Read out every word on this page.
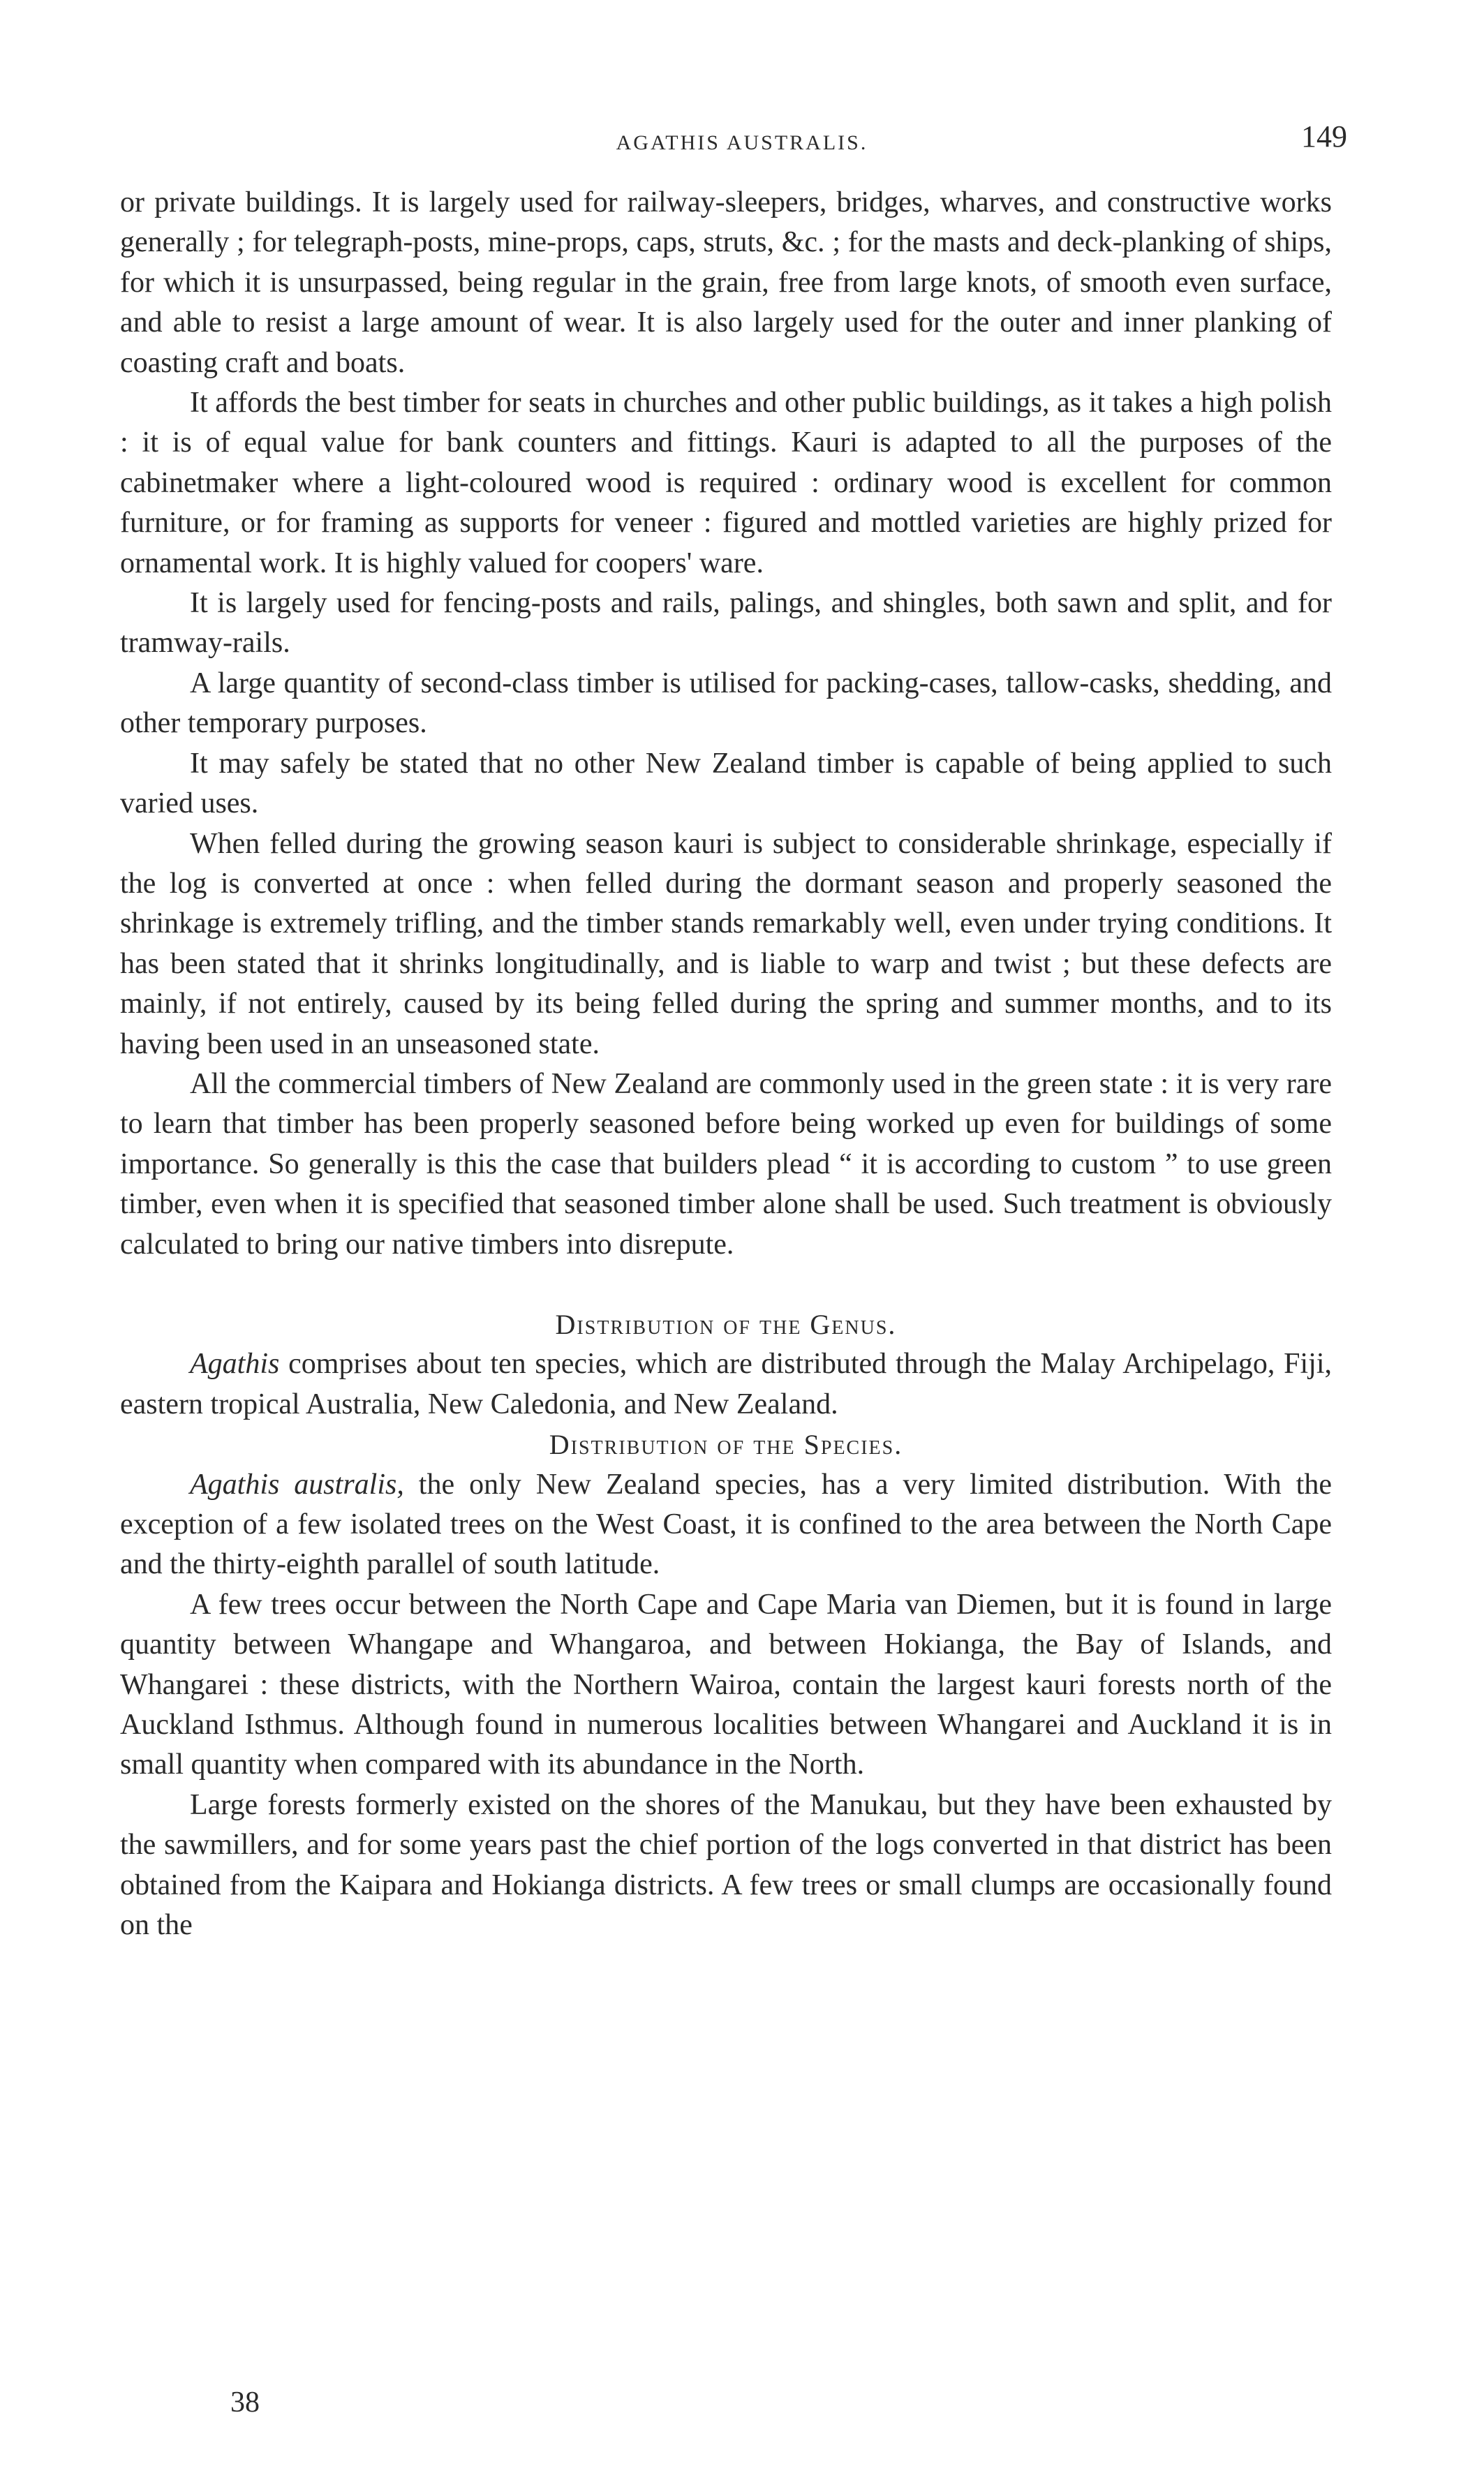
AGATHIS AUSTRALIS.	149

or private buildings. It is largely used for railway-sleepers, bridges, wharves, and constructive works generally ; for telegraph-posts, mine-props, caps, struts, &c. ; for the masts and deck-planking of ships, for which it is unsurpassed, being regular in the grain, free from large knots, of smooth even surface, and able to resist a large amount of wear. It is also largely used for the outer and inner planking of coasting craft and boats.

It affords the best timber for seats in churches and other public buildings, as it takes a high polish : it is of equal value for bank counters and fittings. Kauri is adapted to all the purposes of the cabinetmaker where a light-coloured wood is required : ordinary wood is excellent for common furniture, or for framing as supports for veneer : figured and mottled varieties are highly prized for ornamental work. It is highly valued for coopers' ware.

It is largely used for fencing-posts and rails, palings, and shingles, both sawn and split, and for tramway-rails.

A large quantity of second-class timber is utilised for packing-cases, tallow-casks, shedding, and other temporary purposes.

It may safely be stated that no other New Zealand timber is capable of being applied to such varied uses.

When felled during the growing season kauri is subject to considerable shrinkage, especially if the log is converted at once : when felled during the dormant season and properly seasoned the shrinkage is extremely trifling, and the timber stands remarkably well, even under trying conditions. It has been stated that it shrinks longitudinally, and is liable to warp and twist ; but these defects are mainly, if not entirely, caused by its being felled during the spring and summer months, and to its having been used in an unseasoned state.

All the commercial timbers of New Zealand are commonly used in the green state : it is very rare to learn that timber has been properly seasoned before being worked up even for buildings of some importance. So generally is this the case that builders plead “ it is according to custom ” to use green timber, even when it is specified that seasoned timber alone shall be used. Such treatment is obviously calculated to bring our native timbers into disrepute.

Distribution of the Genus.

Agathis comprises about ten species, which are distributed through the Malay Archipelago, Fiji, eastern tropical Australia, New Caledonia, and New Zealand.

Distribution of the Species.

Agathis australis, the only New Zealand species, has a very limited distribution. With the exception of a few isolated trees on the West Coast, it is confined to the area between the North Cape and the thirty-eighth parallel of south latitude.

A few trees occur between the North Cape and Cape Maria van Diemen, but it is found in large quantity between Whangape and Whangaroa, and between Hokianga, the Bay of Islands, and Whangarei : these districts, with the Northern Wairoa, contain the largest kauri forests north of the Auckland Isthmus. Although found in numerous localities between Whangarei and Auckland it is in small quantity when compared with its abundance in the North.

Large forests formerly existed on the shores of the Manukau, but they have been exhausted by the sawmillers, and for some years past the chief portion of the logs converted in that district has been obtained from the Kaipara and Hokianga districts. A few trees or small clumps are occasionally found on the

38
